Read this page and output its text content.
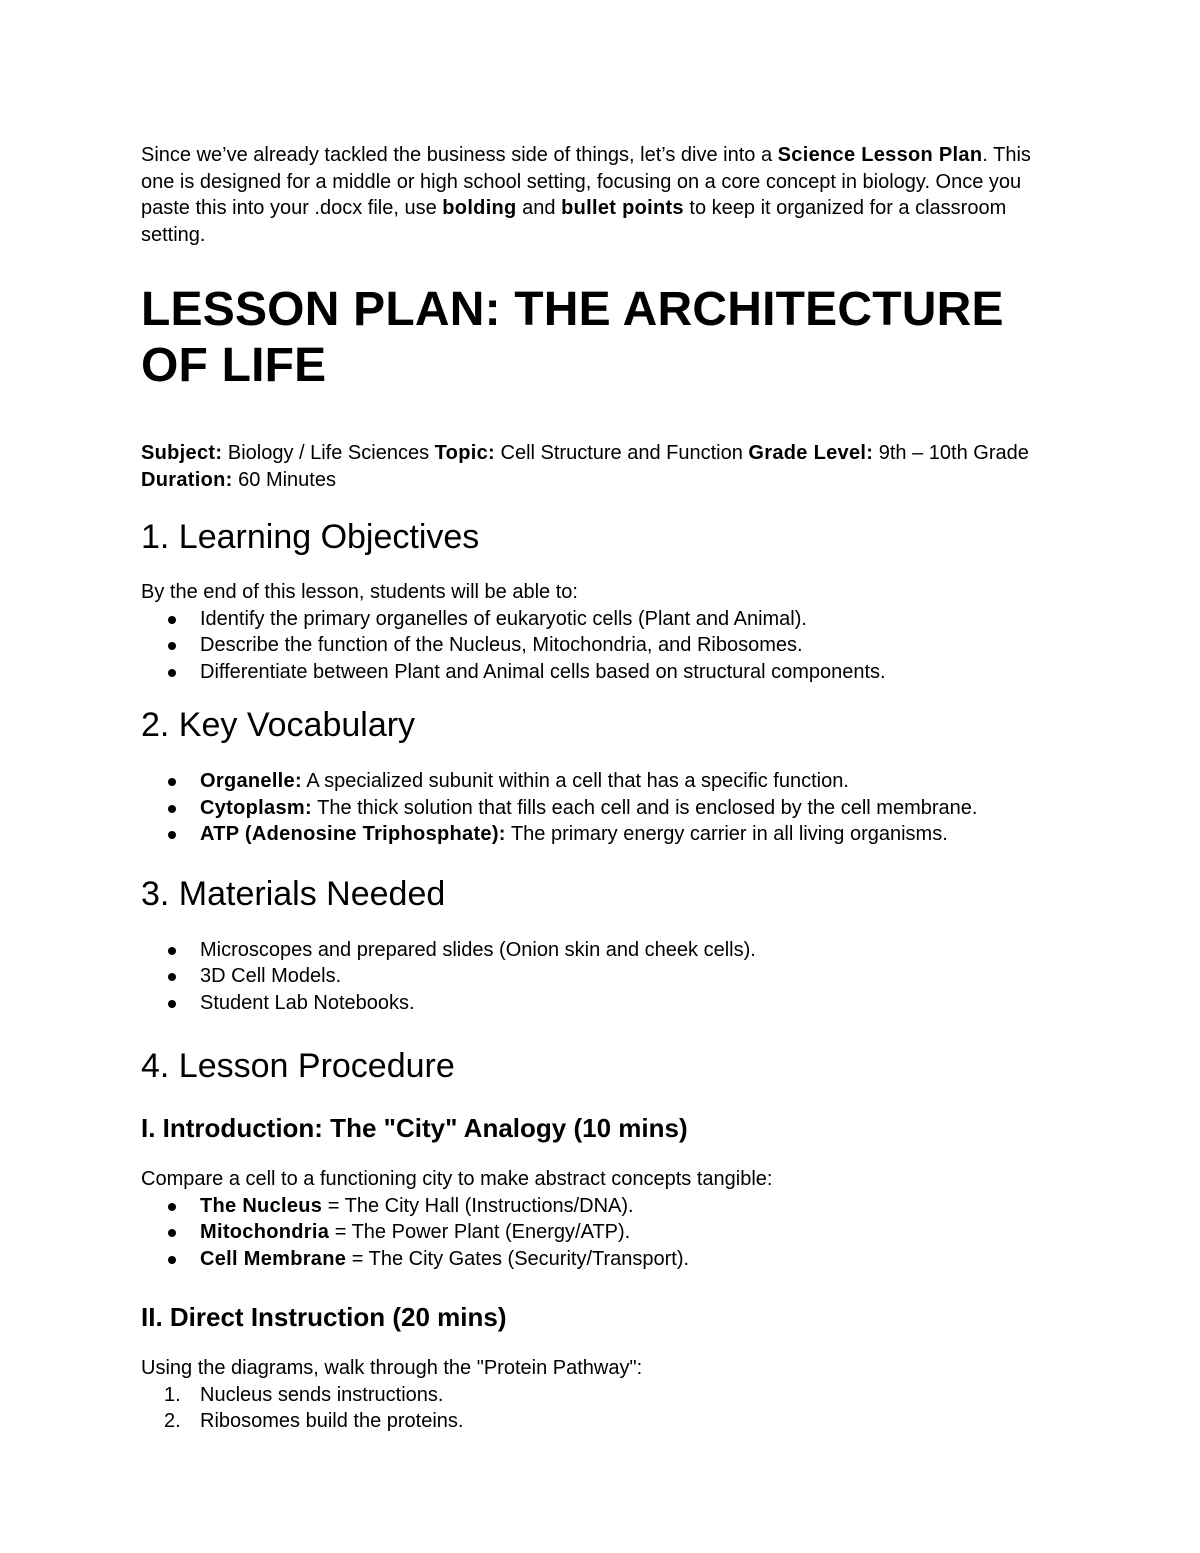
Since we’ve already tackled the business side of things, let’s dive into a Science Lesson Plan. This one is designed for a middle or high school setting, focusing on a core concept in biology. Once you paste this into your .docx file, use bolding and bullet points to keep it organized for a classroom setting.

LESSON PLAN: THE ARCHITECTURE OF LIFE

Subject: Biology / Life Sciences Topic: Cell Structure and Function Grade Level: 9th – 10th Grade Duration: 60 Minutes

1. Learning Objectives

By the end of this lesson, students will be able to:

Identify the primary organelles of eukaryotic cells (Plant and Animal).
Describe the function of the Nucleus, Mitochondria, and Ribosomes.
Differentiate between Plant and Animal cells based on structural components.
2. Key Vocabulary
Organelle: A specialized subunit within a cell that has a specific function.
Cytoplasm: The thick solution that fills each cell and is enclosed by the cell membrane.
ATP (Adenosine Triphosphate): The primary energy carrier in all living organisms.
3. Materials Needed
Microscopes and prepared slides (Onion skin and cheek cells).
3D Cell Models.
Student Lab Notebooks.
4. Lesson Procedure
I. Introduction: The "City" Analogy (10 mins)

Compare a cell to a functioning city to make abstract concepts tangible:

The Nucleus = The City Hall (Instructions/DNA).
Mitochondria = The Power Plant (Energy/ATP).
Cell Membrane = The City Gates (Security/Transport).
II. Direct Instruction (20 mins)

Using the diagrams, walk through the "Protein Pathway":

1. Nucleus sends instructions.
2. Ribosomes build the proteins.
